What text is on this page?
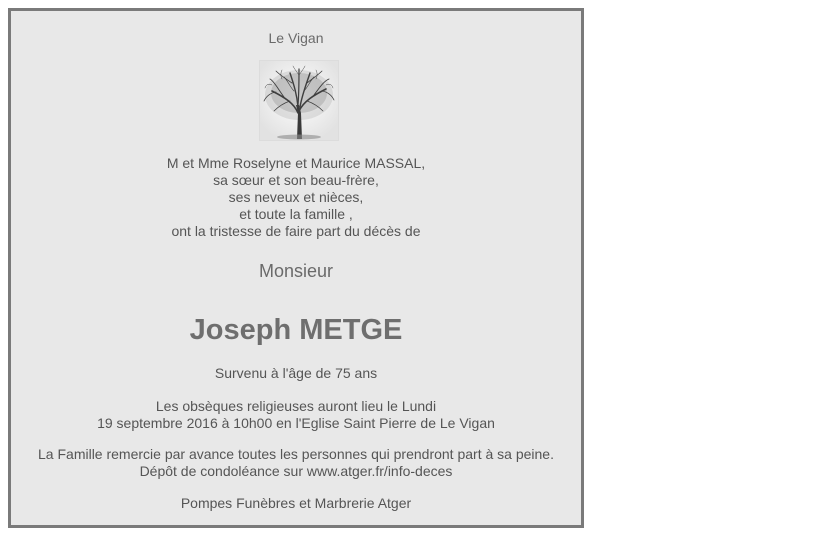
Le Vigan
M et Mme Roselyne et Maurice MASSAL,
sa sœur et son beau-frère,
ses neveux et nièces,
et toute la famille ,
ont la tristesse de faire part du décès de
Monsieur
Joseph METGE
Survenu à l'âge de 75 ans
Les obsèques religieuses auront lieu le Lundi
19 septembre 2016 à 10h00 en l'Eglise Saint Pierre de Le Vigan
La Famille remercie par avance toutes les personnes qui prendront part à sa peine.
Dépôt de condoléance sur www.atger.fr/info-deces
Pompes Funèbres et Marbrerie Atger
